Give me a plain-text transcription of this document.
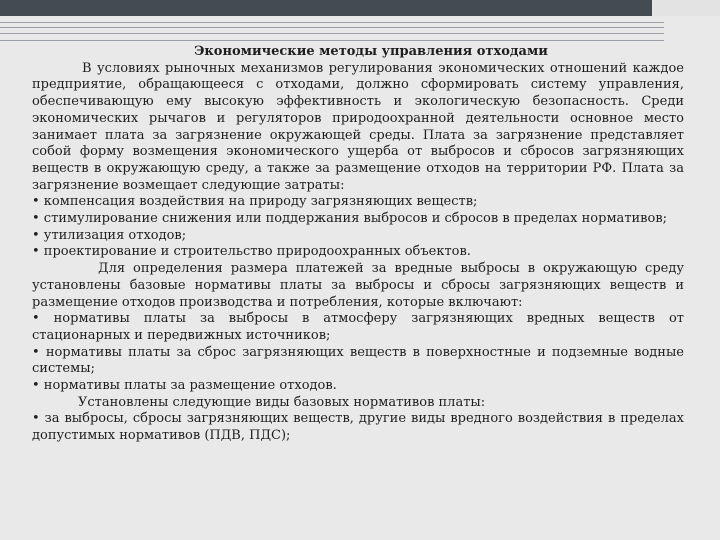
Экономические методы управления отходами

В условиях рыночных механизмов регулирования экономических отношений каждое предприятие, обращающееся с отходами, должно сформировать систему управления, обеспечивающую ему высокую эффективность и экологическую безопасность. Среди экономических рычагов и регуляторов природоохранной деятельности основное место занимает плата за загрязнение окружающей среды. Плата за загрязнение представляет собой форму возмещения экономического ущерба от выбросов и сбросов загрязняющих веществ в окружающую среду, а также за размещение отходов на территории РФ. Плата за загрязнение возмещает следующие затраты:

• компенсация воздействия на природу загрязняющих веществ;

• стимулирование снижения или поддержания выбросов и сбросов в пределах нормативов;

• утилизация отходов;

• проектирование и строительство природоохранных объектов.

Для определения размера платежей за вредные выбросы в окружающую среду установлены базовые нормативы платы за выбросы и сбросы загрязняющих веществ и размещение отходов производства и потребления, которые включают:

• нормативы платы за выбросы в атмосферу загрязняющих вредных веществ от стационарных и передвижных источников;

• нормативы платы за сброс загрязняющих веществ в поверхностные и подземные водные системы;

• нормативы платы за размещение отходов.

Установлены следующие виды базовых нормативов платы:

• за выбросы, сбросы загрязняющих веществ, другие виды вредного воздействия в пределах допустимых нормативов (ПДВ, ПДС);
